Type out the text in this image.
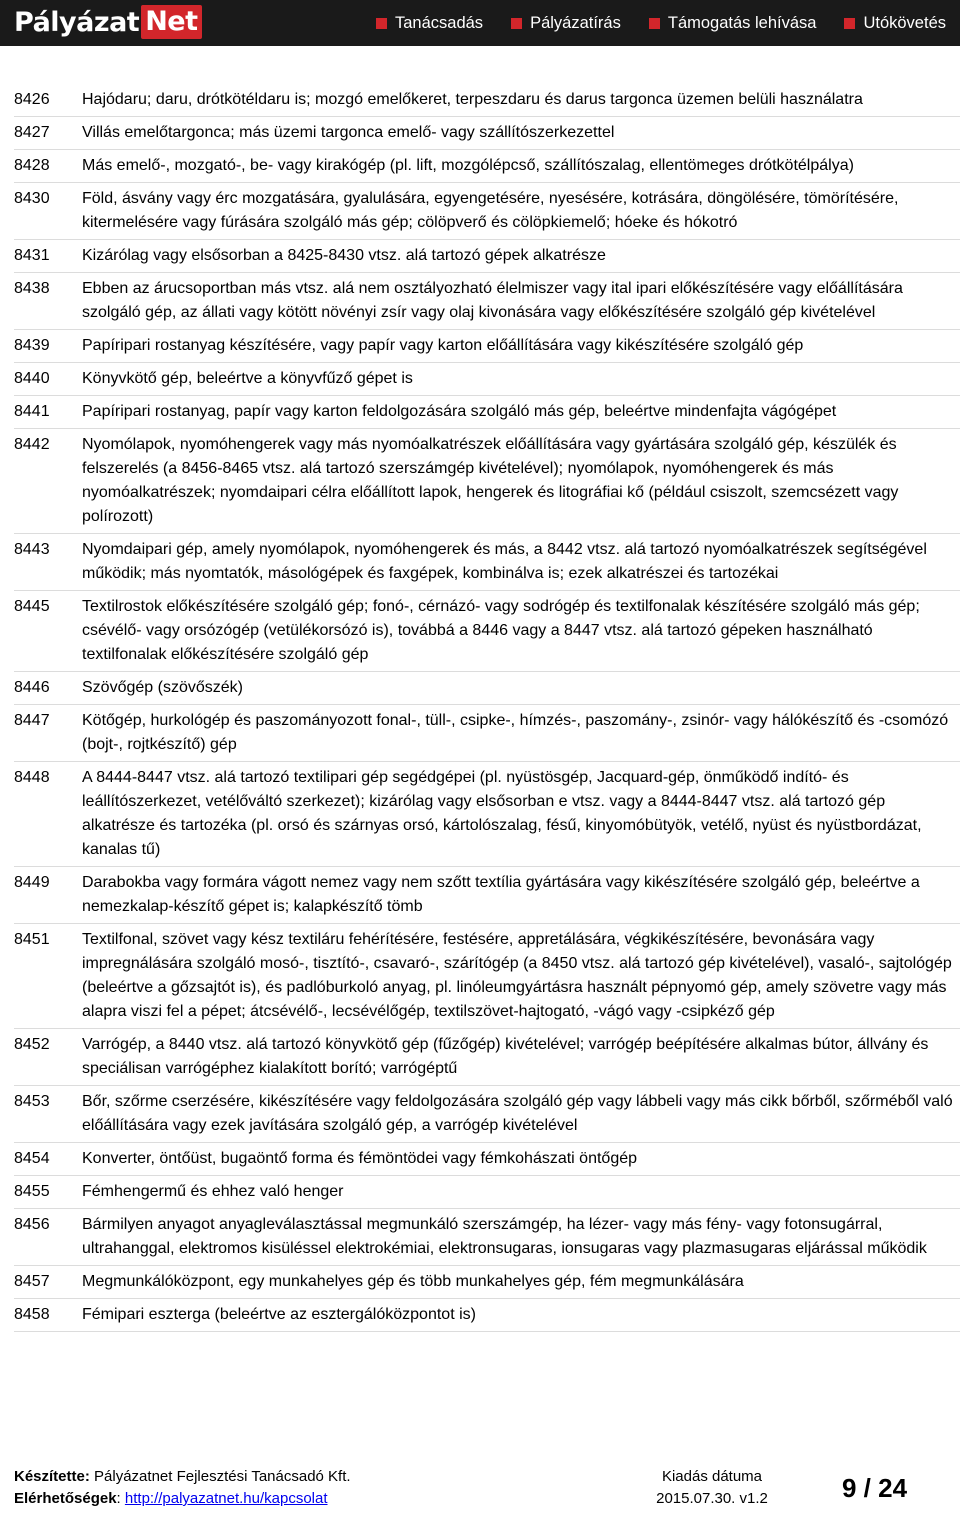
Pályázat Net	Tanácsadás	Pályázatírás	Támogatás lehívása	Utókövetés
8426	Hajódaru; daru, drótkötéldaru is; mozgó emelőkeret, terpeszdaru és darus targonca üzemen belüli használatra
8427	Villás emelőtargonca; más üzemi targonca emelő- vagy szállítószerkezettel
8428	Más emelő-, mozgató-, be- vagy kirakógép (pl. lift, mozgólépcső, szállítószalag, ellentömeges drótkötélpálya)
8430	Föld, ásvány vagy érc mozgatására, gyalulására, egyengetésére, nyesésére, kotrására, döngölésére, tömörítésére, kitermelésére vagy fúrására szolgáló más gép; cölöpverő és cölöpkiemelő; hóeke és hókotró
8431	Kizárólag vagy elsősorban a 8425-8430 vtsz. alá tartozó gépek alkatrésze
8438	Ebben az árucsoportban más vtsz. alá nem osztályozható élelmiszer vagy ital ipari előkészítésére vagy előállítására szolgáló gép, az állati vagy kötött növényi zsír vagy olaj kivonására vagy előkészítésére szolgáló gép kivételével
8439	Papíripari rostanyag készítésére, vagy papír vagy karton előállítására vagy kikészítésére szolgáló gép
8440	Könyvkötő gép, beleértve a könyvfűző gépet is
8441	Papíripari rostanyag, papír vagy karton feldolgozására szolgáló más gép, beleértve mindenfajta vágógépet
8442	Nyomólapok, nyomóhengerek vagy más nyomóalkatrészek előállítására vagy gyártására szolgáló gép, készülék és felszerelés (a 8456-8465 vtsz. alá tartozó szerszámgép kivételével); nyomólapok, nyomóhengerek és más nyomóalkatrészek; nyomdaipari célra előállított lapok, hengerek és litográfiai kő (például csiszolt, szemcsézett vagy polírozott)
8443	Nyomdaipari gép, amely nyomólapok, nyomóhengerek és más, a 8442 vtsz. alá tartozó nyomóalkatrészek segítségével működik; más nyomtatók, másológépek és faxgépek, kombinálva is; ezek alkatrészei és tartozékai
8445	Textilrostok előkészítésére szolgáló gép; fonó-, cérnázó- vagy sodrógép és textilfonalak készítésére szolgáló más gép; csévélő- vagy orsózógép (vetülékorsózó is), továbbá a 8446 vagy a 8447 vtsz. alá tartozó gépeken használható textilfonalak előkészítésére szolgáló gép
8446	Szövőgép (szövőszék)
8447	Kötőgép, hurkológép és paszományozott fonal-, tüll-, csipke-, hímzés-, paszomány-, zsinór- vagy hálókészítő és -csomózó (bojt-, rojtkészítő) gép
8448	A 8444-8447 vtsz. alá tartozó textilipari gép segédgépei (pl. nyüstösgép, Jacquard-gép, önműködő indító- és leállítószerkezet, vetélőváltó szerkezet); kizárólag vagy elsősorban e vtsz. vagy a 8444-8447 vtsz. alá tartozó gép alkatrésze és tartozéka (pl. orsó és szárnyas orsó, kártolószalag, fésű, kinyomóbütyök, vetélő, nyüst és nyüstbordázat, kanalas tű)
8449	Darabokba vagy formára vágott nemez vagy nem szőtt textília gyártására vagy kikészítésére szolgáló gép, beleértve a nemezkalap-készítő gépet is; kalapkészítő tömb
8451	Textilfonal, szövet vagy kész textiláru fehérítésére, festésére, appretálására, végkikészítésére, bevonására vagy impregnálására szolgáló mosó-, tisztító-, csavaró-, szárítógép (a 8450 vtsz. alá tartozó gép kivételével), vasaló-, sajtológép (beleértve a gőzsajtót is), és padlóburkoló anyag, pl. linóleumgyártásra használt pépnyomó gép, amely szövetre vagy más alapra viszi fel a pépet; átcsévélő-, lecsévélőgép, textilszövet-hajtogató, -vágó vagy -csipkéző gép
8452	Varrógép, a 8440 vtsz. alá tartozó könyvkötő gép (fűzőgép) kivételével; varrógép beépítésére alkalmas bútor, állvány és speciálisan varrógéphez kialakított borító; varrógéptű
8453	Bőr, szőrme cserzésére, kikészítésére vagy feldolgozására szolgáló gép vagy lábbeli vagy más cikk bőrből, szőrméből való előállítására vagy ezek javítására szolgáló gép, a varrógép kivételével
8454	Konverter, öntőüst, bugaöntő forma és fémöntödei vagy fémkohászati öntőgép
8455	Fémhengermű és ehhez való henger
8456	Bármilyen anyagot anyagleválasztással megmunkáló szerszámgép, ha lézer- vagy más fény- vagy fotonsugárral, ultrahanggal, elektromos kisüléssel elektrokémiai, elektronsugaras, ionsugaras vagy plazmasugaras eljárással működik
8457	Megmunkálóközpont, egy munkahelyes gép és több munkahelyes gép, fém megmunkálására
8458	Fémipari eszterga (beleértve az esztergálóközpontot is)
Készítette: Pályázatnet Fejlesztési Tanácsadó Kft.
Elérhetőségek: http://palyazatnet.hu/kapcsolat
Kiadás dátuma
2015.07.30. v1.2	9 / 24
